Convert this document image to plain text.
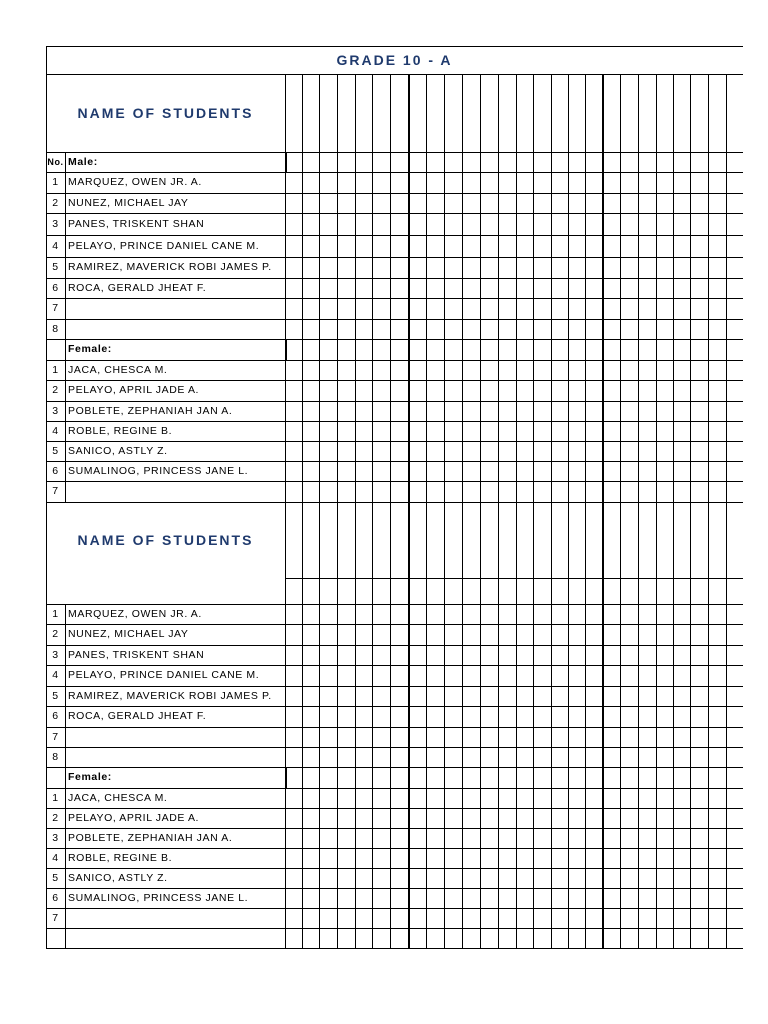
GRADE 10 - A
NAME OF STUDENTS
No. Male:
1 MARQUEZ, OWEN JR. A.
2 NUNEZ, MICHAEL JAY
3 PANES, TRISKENT SHAN
4 PELAYO, PRINCE DANIEL CANE M.
5 RAMIREZ, MAVERICK ROBI JAMES P.
6 ROCA, GERALD JHEAT F.
7
8
Female:
1 JACA, CHESCA M.
2 PELAYO, APRIL JADE A.
3 POBLETE, ZEPHANIAH JAN A.
4 ROBLE, REGINE B.
5 SANICO, ASTLY Z.
6 SUMALINOG, PRINCESS JANE L.
7
NAME OF STUDENTS
1 MARQUEZ, OWEN JR. A.
2 NUNEZ, MICHAEL JAY
3 PANES, TRISKENT SHAN
4 PELAYO, PRINCE DANIEL CANE M.
5 RAMIREZ, MAVERICK ROBI JAMES P.
6 ROCA, GERALD JHEAT F.
7
8
Female:
1 JACA, CHESCA M.
2 PELAYO, APRIL JADE A.
3 POBLETE, ZEPHANIAH JAN A.
4 ROBLE, REGINE B.
5 SANICO, ASTLY Z.
6 SUMALINOG, PRINCESS JANE L.
7
